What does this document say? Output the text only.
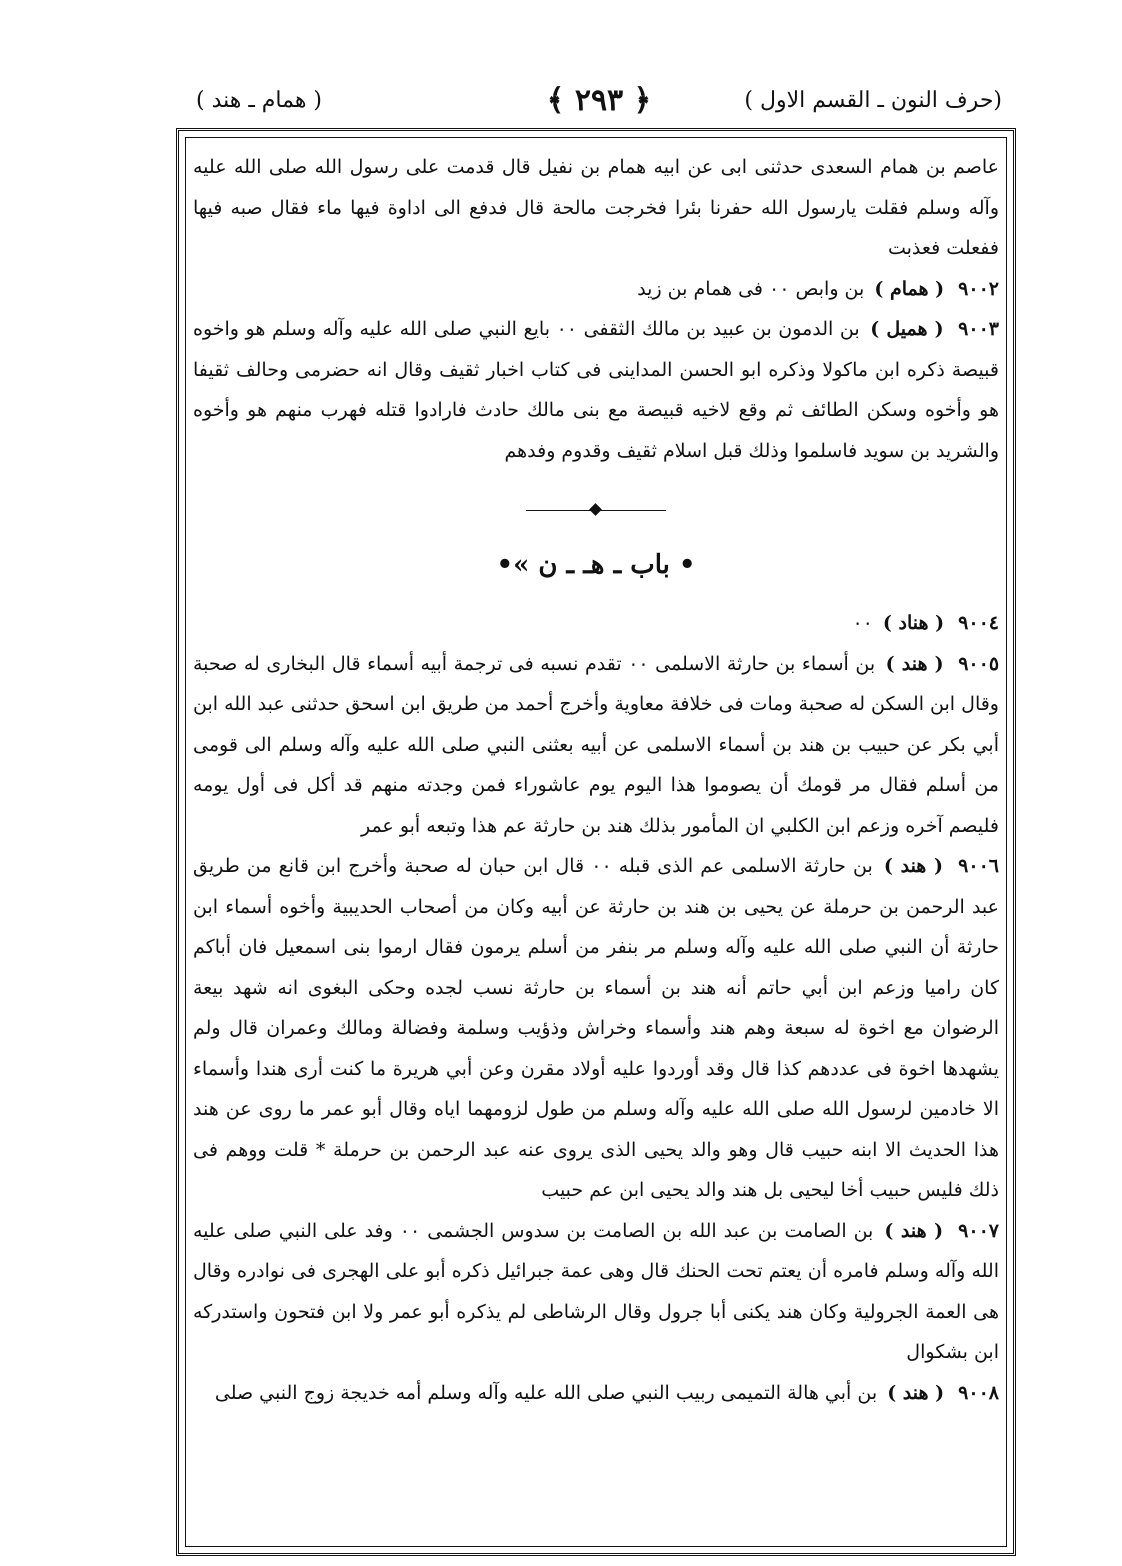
(حرف النون ـ القسم الاول )
﴿ ٢٩٣ ﴾
( همام ـ هند )

عاصم بن همام السعدى حدثنى ابى عن ابيه همام بن نفيل قال قدمت على رسول الله صلى الله عليه وآله وسلم فقلت يارسول الله حفرنا بئرا فخرجت مالحة قال فدفع الى اداوة فيها ماء فقال صبه فيها ففعلت فعذبت

٩٠٠٢ ( همام ) بن وابص ٠٠ فى همام بن زيد

٩٠٠٣ ( هميل ) بن الدمون بن عبيد بن مالك الثقفى ٠٠ بايع النبي صلى الله عليه وآله وسلم هو واخوه قبيصة ذكره ابن ماكولا وذكره ابو الحسن المداينى فى كتاب اخبار ثقيف وقال انه حضرمى وحالف ثقيفا هو وأخوه وسكن الطائف ثم وقع لاخيه قبيصة مع بنى مالك حادث فارادوا قتله فهرب منهم هو وأخوه والشريد بن سويد فاسلموا وذلك قبل اسلام ثقيف وقدوم وفدهم

• باب ـ هـ ـ ن »•

٩٠٠٤ ( هناد ) ٠٠

٩٠٠٥ ( هند ) بن أسماء بن حارثة الاسلمى ٠٠ تقدم نسبه فى ترجمة أبيه أسماء قال البخارى له صحبة وقال ابن السكن له صحبة ومات فى خلافة معاوية وأخرج أحمد من طريق ابن اسحق حدثنى عبد الله ابن أبي بكر عن حبيب بن هند بن أسماء الاسلمى عن أبيه بعثنى النبي صلى الله عليه وآله وسلم الى قومى من أسلم فقال مر قومك أن يصوموا هذا اليوم يوم عاشوراء فمن وجدته منهم قد أكل فى أول يومه فليصم آخره وزعم ابن الكلبي ان المأمور بذلك هند بن حارثة عم هذا وتبعه أبو عمر

٩٠٠٦ ( هند ) بن حارثة الاسلمى عم الذى قبله ٠٠ قال ابن حبان له صحبة وأخرج ابن قانع من طريق عبد الرحمن بن حرملة عن يحيى بن هند بن حارثة عن أبيه وكان من أصحاب الحديبية وأخوه أسماء ابن حارثة أن النبي صلى الله عليه وآله وسلم مر بنفر من أسلم يرمون فقال ارموا بنى اسمعيل فان أباكم كان راميا وزعم ابن أبي حاتم أنه هند بن أسماء بن حارثة نسب لجده وحكى البغوى انه شهد بيعة الرضوان مع اخوة له سبعة وهم هند وأسماء وخراش وذؤيب وسلمة وفضالة ومالك وعمران قال ولم يشهدها اخوة فى عددهم كذا قال وقد أوردوا عليه أولاد مقرن وعن أبي هريرة ما كنت أرى هندا وأسماء الا خادمين لرسول الله صلى الله عليه وآله وسلم من طول لزومهما اياه وقال أبو عمر ما روى عن هند هذا الحديث الا ابنه حبيب قال وهو والد يحيى الذى يروى عنه عبد الرحمن بن حرملة * قلت ووهم فى ذلك فليس حبيب أخا ليحيى بل هند والد يحيى ابن عم حبيب

٩٠٠٧ ( هند ) بن الصامت بن عبد الله بن الصامت بن سدوس الجشمى ٠٠ وفد على النبي صلى عليه الله وآله وسلم فامره أن يعتم تحت الحنك قال وهى عمة جبرائيل ذكره أبو على الهجرى فى نوادره وقال هى العمة الجرولية وكان هند يكنى أبا جرول وقال الرشاطى لم يذكره أبو عمر ولا ابن فتحون واستدركه ابن بشكوال

٩٠٠٨ ( هند ) بن أبي هالة التميمى ربيب النبي صلى الله عليه وآله وسلم أمه خديجة زوج النبي صلى
